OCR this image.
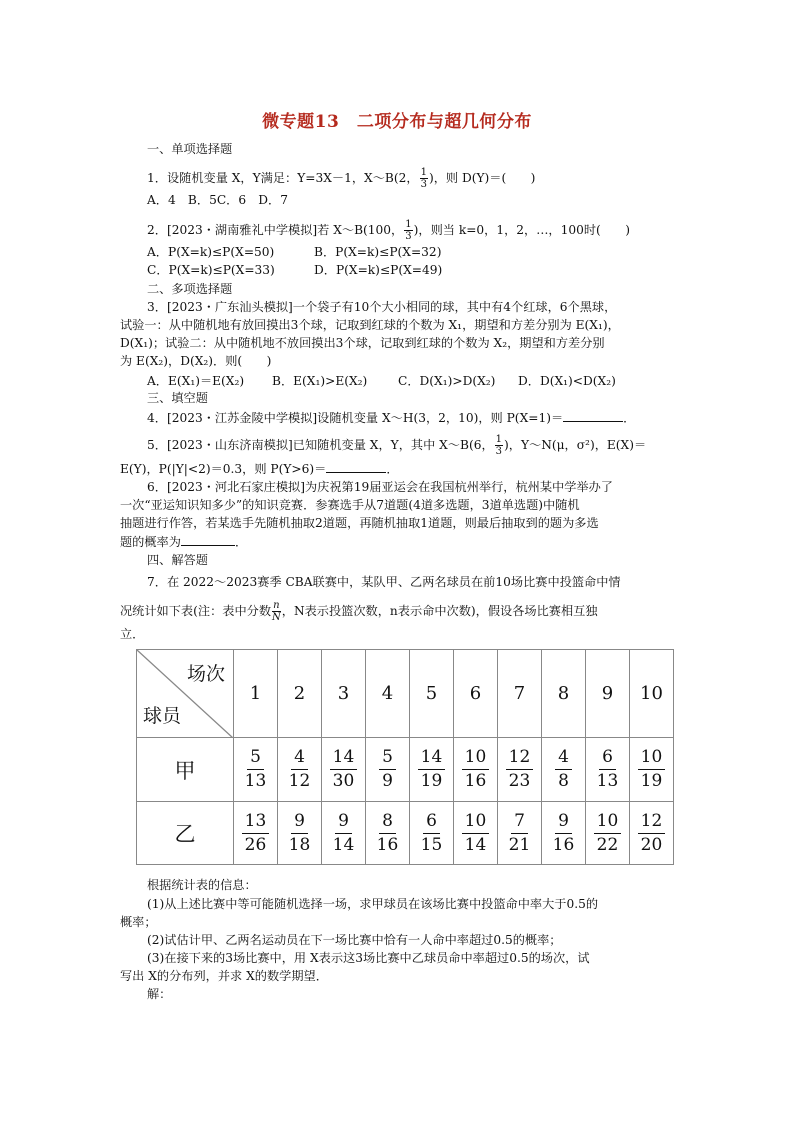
微专题13　二项分布与超几何分布
一、单项选择题
1．设随机变量 X，Y满足：Y=3X－1，X～B(2， $\frac{1}{3}$ )，则 D(Y)＝(　　)
A．4　B．5C．6　D．7
2．[2023・湖南雅礼中学模拟]若 X～B(100， $\frac{1}{3}$ )，则当 k=0，1，2，…，100时(　　)
A．P(X=k)≤P(X=50)	B．P(X=k)≤P(X=32)
C．P(X=k)≤P(X=33)	D．P(X=k)≤P(X=49)
二、多项选择题
3．[2023・广东汕头模拟]一个袋子有10个大小相同的球，其中有4个红球，6个黑球，
试验一：从中随机地有放回摸出3个球，记取到红球的个数为 X₁，期望和方差分别为 E(X₁)，
D(X₁)；试验二：从中随机地不放回摸出3个球，记取到红球的个数为 X₂，期望和方差分别
为 E(X₂)，D(X₂)．则(　　)
A．E(X₁)＝E(X₂) B．E(X₁)>E(X₂)	C．D(X₁)>D(X₂) D．D(X₁)<D(X₂)
三、填空题
4．[2023・江苏金陵中学模拟]设随机变量 X～H(3，2，10)，则 P(X=1)＝	．
5．[2023・山东济南模拟]已知随机变量 X，Y，其中 X～B(6， $\frac{1}{3}$ )，Y～N(μ，σ²)，E(X)＝
E(Y)，P(|Y|<2)＝0.3，则 P(Y>6)＝	．
6．[2023・河北石家庄模拟]为庆祝第19届亚运会在我国杭州举行，杭州某中学举办了
一次“亚运知识知多少”的知识竞赛．参赛选手从7道题(4道多选题，3道单选题)中随机
抽题进行作答，若某选手先随机抽取2道题，再随机抽取1道题，则最后抽取到的题为多选
题的概率为	．
四、解答题
7．在 2022～2023赛季 CBA联赛中，某队甲、乙两名球员在前10场比赛中投篮命中情
况统计如下表(注：表中分数 $\frac{n}{N}$ ，N表示投篮次数，n表示命中次数)，假设各场比赛相互独
立．
场次
球员	1	2	3	4	5	6	7	8	9	10
甲	$\frac{5}{13}$	$\frac{4}{12}$	$\frac{14}{30}$	$\frac{5}{9}$	$\frac{14}{19}$	$\frac{10}{16}$	$\frac{12}{23}$	$\frac{4}{8}$	$\frac{6}{13}$	$\frac{10}{19}$

乙	$\frac{13}{26}$	$\frac{9}{18}$	$\frac{9}{14}$	$\frac{8}{16}$	$\frac{6}{15}$	$\frac{10}{14}$	$\frac{7}{21}$	$\frac{9}{16}$	$\frac{10}{22}$	$\frac{12}{20}$
根据统计表的信息：
(1)从上述比赛中等可能随机选择一场，求甲球员在该场比赛中投篮命中率大于0.5的
概率；
(2)试估计甲、乙两名运动员在下一场比赛中恰有一人命中率超过0.5的概率；
(3)在接下来的3场比赛中，用 X表示这3场比赛中乙球员命中率超过0.5的场次，试
写出 X的分布列，并求 X的数学期望．
解：
